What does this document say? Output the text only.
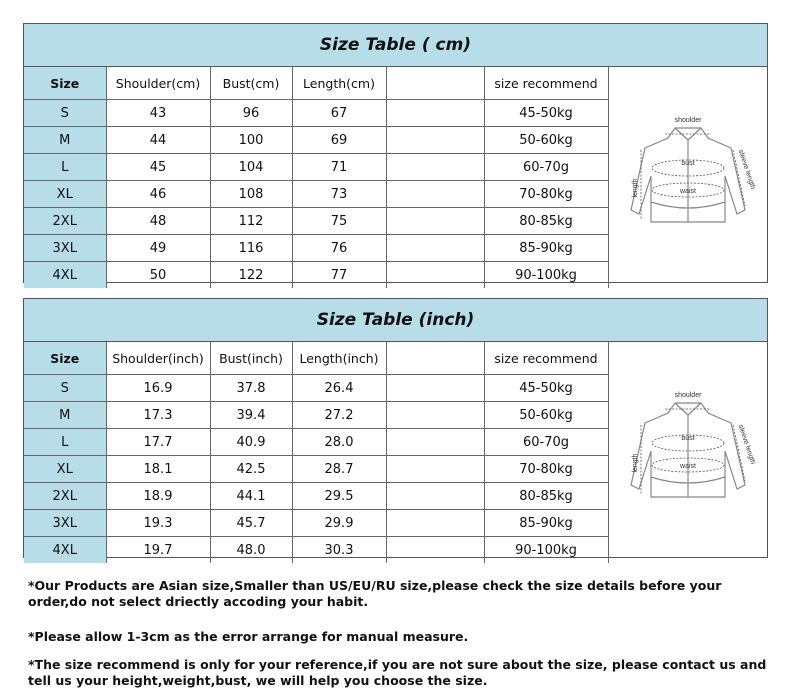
Size Table ( cm)
Size	Shoulder(cm)	Bust(cm)	Length(cm)		size recommend
S	43	96	67		45-50kg
M	44	100	69		50-60kg
L	45	104	71		60-70g
XL	46	108	73		70-80kg
2XL	48	112	75		80-85kg
3XL	49	116	76		85-90kg
4XL	50	122	77		90-100kg
shoulder
bust
waist
length	sleeve length
Size Table (inch)
Size	Shoulder(inch)	Bust(inch)	Length(inch)		size recommend
S	16.9	37.8	26.4		45-50kg
M	17.3	39.4	27.2		50-60kg
L	17.7	40.9	28.0		60-70g
XL	18.1	42.5	28.7		70-80kg
2XL	18.9	44.1	29.5		80-85kg
3XL	19.3	45.7	29.9		85-90kg
4XL	19.7	48.0	30.3		90-100kg
shoulder
bust
waist
length	sleeve length
*Our Products are Asian size,Smaller than US/EU/RU size,please check the size details before your order,do not select driectly accoding your habit.
*Please allow 1-3cm as the error arrange for manual measure.
*The size recommend is only for your reference,if you are not sure about the size, please contact us and tell us your height,weight,bust, we will help you choose the size.
